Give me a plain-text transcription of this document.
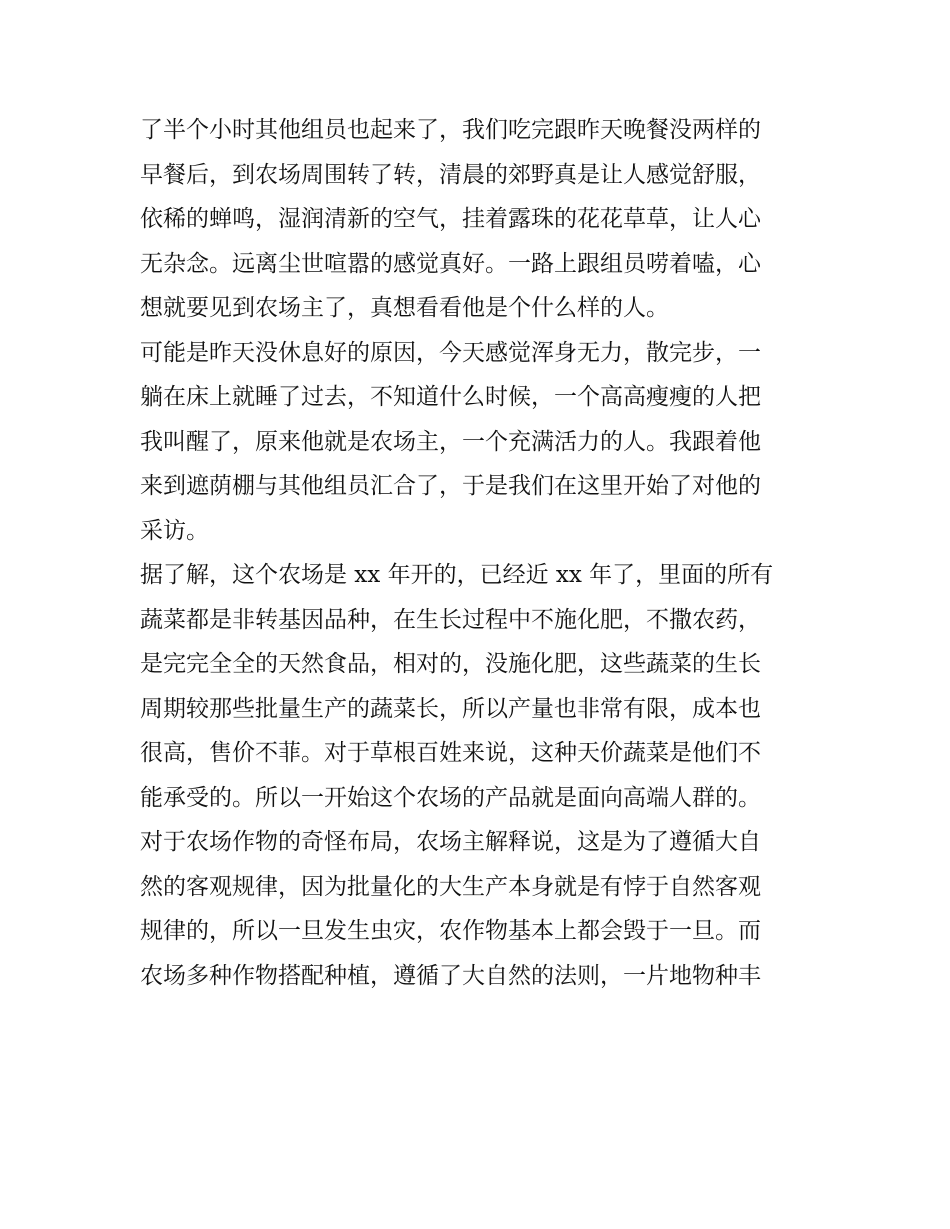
了半个小时其他组员也起来了，我们吃完跟昨天晚餐没两样的
早餐后，到农场周围转了转，清晨的郊野真是让人感觉舒服，
依稀的蝉鸣，湿润清新的空气，挂着露珠的花花草草，让人心
无杂念。远离尘世喧嚣的感觉真好。一路上跟组员唠着嗑，心
想就要见到农场主了，真想看看他是个什么样的人。
可能是昨天没休息好的原因，今天感觉浑身无力，散完步，一
躺在床上就睡了过去，不知道什么时候，一个高高瘦瘦的人把
我叫醒了，原来他就是农场主，一个充满活力的人。我跟着他
来到遮荫棚与其他组员汇合了，于是我们在这里开始了对他的
采访。
据了解，这个农场是 xx 年开的，已经近 xx 年了，里面的所有
蔬菜都是非转基因品种，在生长过程中不施化肥，不撒农药，
是完完全全的天然食品，相对的，没施化肥，这些蔬菜的生长
周期较那些批量生产的蔬菜长，所以产量也非常有限，成本也
很高，售价不菲。对于草根百姓来说，这种天价蔬菜是他们不
能承受的。所以一开始这个农场的产品就是面向高端人群的。
对于农场作物的奇怪布局，农场主解释说，这是为了遵循大自
然的客观规律，因为批量化的大生产本身就是有悖于自然客观
规律的，所以一旦发生虫灾，农作物基本上都会毁于一旦。而
农场多种作物搭配种植，遵循了大自然的法则，一片地物种丰
